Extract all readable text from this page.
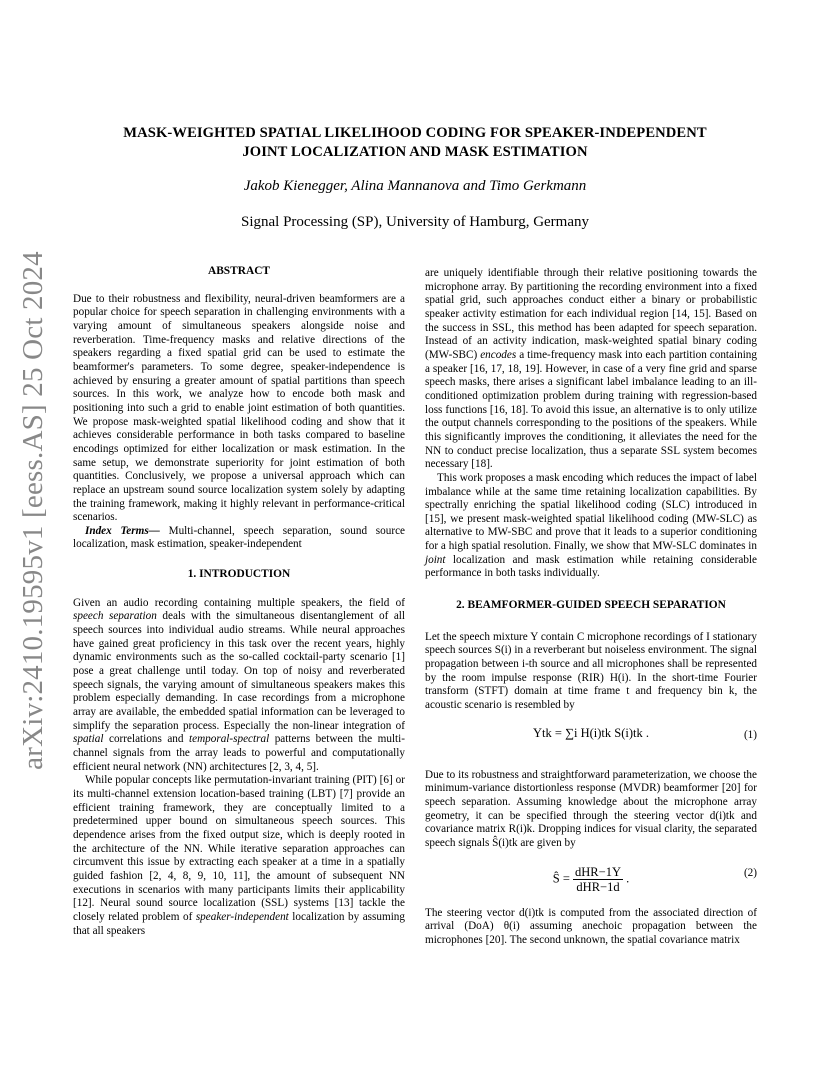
arXiv:2410.19595v1 [eess.AS] 25 Oct 2024
MASK-WEIGHTED SPATIAL LIKELIHOOD CODING FOR SPEAKER-INDEPENDENT
JOINT LOCALIZATION AND MASK ESTIMATION
Jakob Kienegger, Alina Mannanova and Timo Gerkmann
Signal Processing (SP), University of Hamburg, Germany
ABSTRACT

Due to their robustness and flexibility, neural-driven beamformers are a popular choice for speech separation in challenging environments with a varying amount of simultaneous speakers alongside noise and reverberation. Time-frequency masks and relative directions of the speakers regarding a fixed spatial grid can be used to estimate the beamformer's parameters. To some degree, speaker-independence is achieved by ensuring a greater amount of spatial partitions than speech sources. In this work, we analyze how to encode both mask and positioning into such a grid to enable joint estimation of both quantities. We propose mask-weighted spatial likelihood coding and show that it achieves considerable performance in both tasks compared to baseline encodings optimized for either localization or mask estimation. In the same setup, we demonstrate superiority for joint estimation of both quantities. Conclusively, we propose a universal approach which can replace an upstream sound source localization system solely by adapting the training framework, making it highly relevant in performance-critical scenarios.

Index Terms— Multi-channel, speech separation, sound source localization, mask estimation, speaker-independent

1. INTRODUCTION

Given an audio recording containing multiple speakers, the field of speech separation deals with the simultaneous disentanglement of all speech sources into individual audio streams. While neural approaches have gained great proficiency in this task over the recent years, highly dynamic environments such as the so-called cocktail-party scenario [1] pose a great challenge until today. On top of noisy and reverberated speech signals, the varying amount of simultaneous speakers makes this problem especially demanding. In case recordings from a microphone array are available, the embedded spatial information can be leveraged to simplify the separation process. Especially the non-linear integration of spatial correlations and temporal-spectral patterns between the multi-channel signals from the array leads to powerful and computationally efficient neural network (NN) architectures [2, 3, 4, 5].

While popular concepts like permutation-invariant training (PIT) [6] or its multi-channel extension location-based training (LBT) [7] provide an efficient training framework, they are conceptually limited to a predetermined upper bound on simultaneous speech sources. This dependence arises from the fixed output size, which is deeply rooted in the architecture of the NN. While iterative separation approaches can circumvent this issue by extracting each speaker at a time in a spatially guided fashion [2, 4, 8, 9, 10, 11], the amount of subsequent NN executions in scenarios with many participants limits their applicability [12]. Neural sound source localization (SSL) systems [13] tackle the closely related problem of speaker-independent localization by assuming that all speakers

are uniquely identifiable through their relative positioning towards the microphone array. By partitioning the recording environment into a fixed spatial grid, such approaches conduct either a binary or probabilistic speaker activity estimation for each individual region [14, 15]. Based on the success in SSL, this method has been adapted for speech separation. Instead of an activity indication, mask-weighted spatial binary coding (MW-SBC) encodes a time-frequency mask into each partition containing a speaker [16, 17, 18, 19]. However, in case of a very fine grid and sparse speech masks, there arises a significant label imbalance leading to an ill-conditioned optimization problem during training with regression-based loss functions [16, 18]. To avoid this issue, an alternative is to only utilize the output channels corresponding to the positions of the speakers. While this significantly improves the conditioning, it alleviates the need for the NN to conduct precise localization, thus a separate SSL system becomes necessary [18].

This work proposes a mask encoding which reduces the impact of label imbalance while at the same time retaining localization capabilities. By spectrally enriching the spatial likelihood coding (SLC) introduced in [15], we present mask-weighted spatial likelihood coding (MW-SLC) as alternative to MW-SBC and prove that it leads to a superior conditioning for a high spatial resolution. Finally, we show that MW-SLC dominates in joint localization and mask estimation while retaining considerable performance in both tasks individually.

2. BEAMFORMER-GUIDED SPEECH SEPARATION

Let the speech mixture Y contain C microphone recordings of I stationary speech sources S(i) in a reverberant but noiseless environment. The signal propagation between i-th source and all microphones shall be represented by the room impulse response (RIR) H(i). In the short-time Fourier transform (STFT) domain at time frame t and frequency bin k, the acoustic scenario is resembled by

Ytk = ∑i H(i)tk S(i)tk .	(1)

Due to its robustness and straightforward parameterization, we choose the minimum-variance distortionless response (MVDR) beamformer [20] for speech separation. Assuming knowledge about the microphone array geometry, it can be specified through the steering vector d(i)tk and covariance matrix R(i)k. Dropping indices for visual clarity, the separated speech signals Ŝ(i)tk are given by

Ŝ = $\frac{\text{dHR−1Y}}{\text{dHR−1d}}$ .	(2)

The steering vector d(i)tk is computed from the associated direction of arrival (DoA) θ(i) assuming anechoic propagation between the microphones [20]. The second unknown, the spatial covariance matrix
